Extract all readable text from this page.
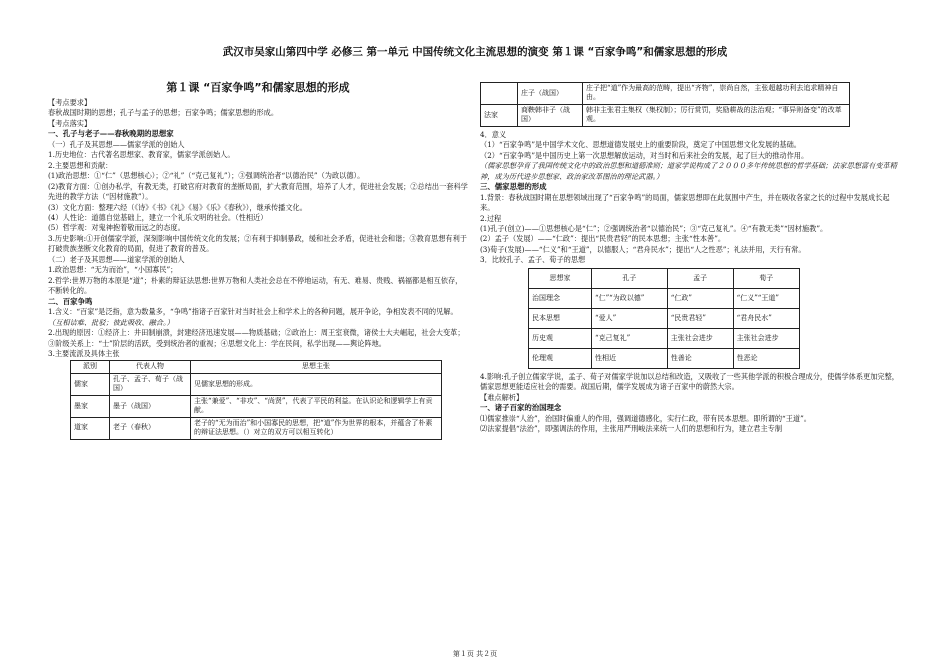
武汉市吴家山第四中学 必修三 第一单元 中国传统文化主流思想的演变 第１课 “百家争鸣”和儒家思想的形成

第１课 “百家争鸣”和儒家思想的形成

【考点要求】

春秋战国时期的思想；孔子与孟子的思想；百家争鸣；儒家思想的形成。

【考点落实】

一、孔子与老子——春秋晚期的思想家

（一）孔子及其思想——儒家学派的创始人

1.历史地位：古代著名思想家、教育家，儒家学派创始人。

2.主要思想和贡献：

(1)政治思想：①“仁”（思想核心）；②“礼”（“克己复礼”）；③强调统治者“以德治民”（为政以德）。

(2)教育方面：①创办私学，有教无类，打破官府对教育的垄断局面，扩大教育范围，培养了人才，促进社会发展；②总结出一套科学先进的教学方法（“因材施教”）。

(3）文化方面：整理六经（《诗》《书》《礼》《易》《乐》《春秋》），继承传播文化。

(4）人性论：道德自觉基础上，建立一个礼乐文明的社会。（性相近）

(5）哲学观：对鬼神抱着敬而远之的态度。

3.历史影响:①开创儒家学派，深刻影响中国传统文化的发展；②有利于抑制暴政，缓和社会矛盾，促进社会和谐；③教育思想有利于打破贵族垄断文化教育的局面，促进了教育的普及。

（二）老子及其思想——道家学派的创始人

1.政治思想：“无为而治”，“小国寡民”；

2.哲学:世界万物的本原是“道”；朴素的辩证法思想:世界万物和人类社会总在不停地运动，有无、难易、贵贱、祸福都是相互依存，不断转化的。

二、百家争鸣

1.含义：“百家”是泛指，意为数量多，“争鸣”指诸子百家针对当时社会上和学术上的各种问题，展开争论，争相发表不同的见解。（互相诘难、批驳；彼此吸收、融合。）

2.出现的原因：①经济上：井田制崩溃，封建经济迅速发展——物质基础；②政治上：周王室衰微，诸侯士大夫崛起，社会大变革；③阶级关系上：“士”阶层的活跃，受到统治者的重视；④思想文化上：学在民间，私学出现——舆论阵地。

3.主要流派及具体主张

派别	代表人物	思想主张
儒家	孔子、孟子、荀子（战国）	见儒家思想的形成。
墨家	墨子（战国）	主张“兼爱”、“非攻”、“尚贤”，代表了平民的利益。在认识论和逻辑学上有贡献。
道家	老子（春秋）	老子的“无为而治”和小国寡民的思想，把“道”作为世界的根本，并蕴含了朴素的辩证法思想。（）对立的双方可以相互转化）
	庄子（战国）	庄子把“道”作为最高的范畴，提出“齐物”，崇尚自然，主张超越功利去追求精神自由。
法家	商鞅韩非子（战国）	韩非主张君主集权（集权制）；厉行赏罚，奖励耕战的法治观；“事异则备变”的改革观。

4．意义

（1）“百家争鸣”是中国学术文化、思想道德发展史上的重要阶段，奠定了中国思想文化发展的基础。

（2）“百家争鸣”是中国历史上第一次思想解放运动，对当时和后来社会的发展，起了巨大的推动作用。

（儒家思想孕育了我国传统文化中的政治思想和道德准则；道家学说构成了２０００多年传统思想的哲学基础；法家思想富有变革精神，成为历代进步思想家、政治家改革图治的理论武器。）

三、儒家思想的形成

1.背景：春秋战国时期在思想领域出现了“百家争鸣”的局面，儒家思想即在此氛围中产生，并在吸收各家之长的过程中发展成长起来。

2.过程

(1)孔子(创立)——①思想核心是“仁”；②强调统治者“以德治民”；③“克己复礼”。④“有教无类”“因材施教”。

(2）孟子（发展）——“仁政”：提出“民贵君轻”的民本思想；主张“性本善”。

(3)荀子(发展)——“仁义”和“王道”，以德服人；“君舟民水”；提出“人之性恶”；礼法并用，天行有常。

3．比较孔子、孟子、荀子的思想

思想家	孔子	孟子	荀子
治国理念	“仁”“为政以德”	“仁政”	“仁义”“王道”
民本思想	“爱人”	“民贵君轻”	“君舟民水”
历史观	“克己复礼”	主张社会进步	主张社会进步
伦理观	性相近	性善论	性恶论

4.影响:孔子创立儒家学说，孟子、荀子对儒家学说加以总结和改造，又吸收了一些其他学派的积极合理成分，使儒学体系更加完整，儒家思想更能适应社会的需要。战国后期，儒学发展成为诸子百家中的蔚然大宗。

【难点解析】

一、诸子百家的治国理念

⑴儒家推崇“人治”，治国时偏重人的作用，强调道德感化，实行仁政，带有民本思想。即所谓的“王道”。

⑵法家提倡“法治”，即强调法的作用，主张用严刑峻法来统一人们的思想和行为，建立君主专制

第１页 共２页
